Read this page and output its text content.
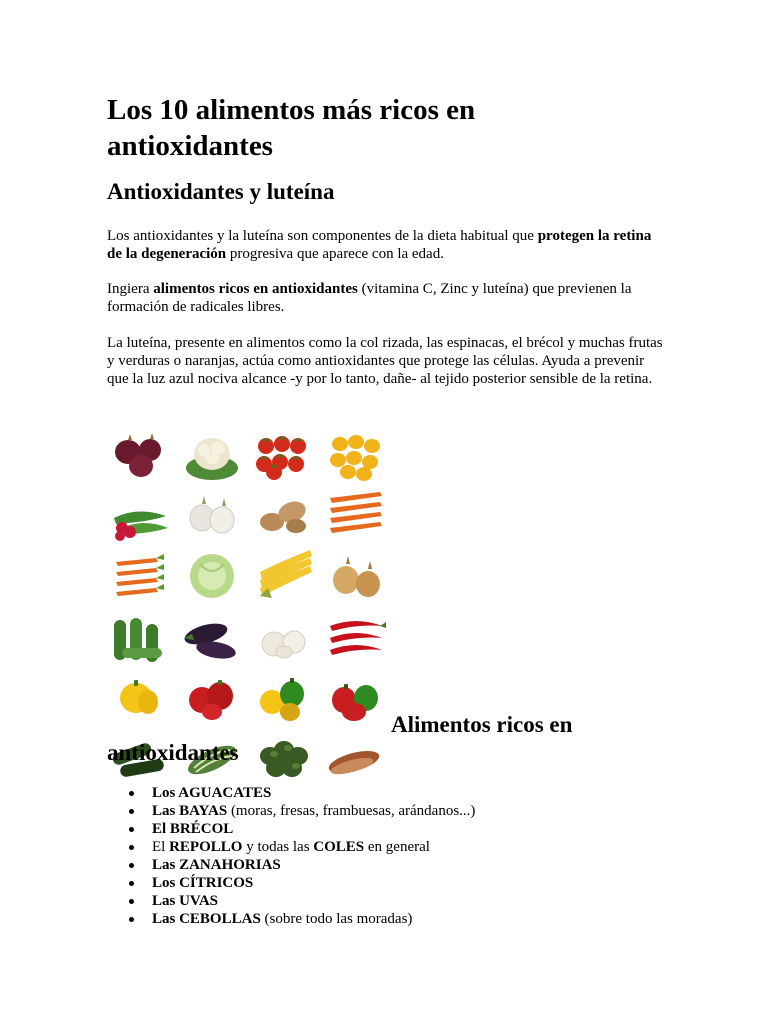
Los 10 alimentos más ricos en antioxidantes
Antioxidantes y luteína

Los antioxidantes y la luteína son componentes de la dieta habitual que protegen la retina de la degeneración progresiva que aparece con la edad.

Ingiera alimentos ricos en antioxidantes (vitamina C, Zinc y luteína) que previenen la formación de radicales libres.

La luteína, presente en alimentos como la col rizada, las espinacas, el brécol y muchas frutas y verduras o naranjas, actúa como antioxidantes que protege las células. Ayuda a prevenir que la luz azul nociva alcance -y por lo tanto, dañe- al tejido posterior sensible de la retina.

Alimentos ricos en
antioxidantes
Los AGUACATES
Las BAYAS (moras, fresas, frambuesas, arándanos...)
El BRÉCOL
El REPOLLO y todas las COLES en general
Las ZANAHORIAS
Los CÍTRICOS
Las UVAS
Las CEBOLLAS (sobre todo las moradas)
